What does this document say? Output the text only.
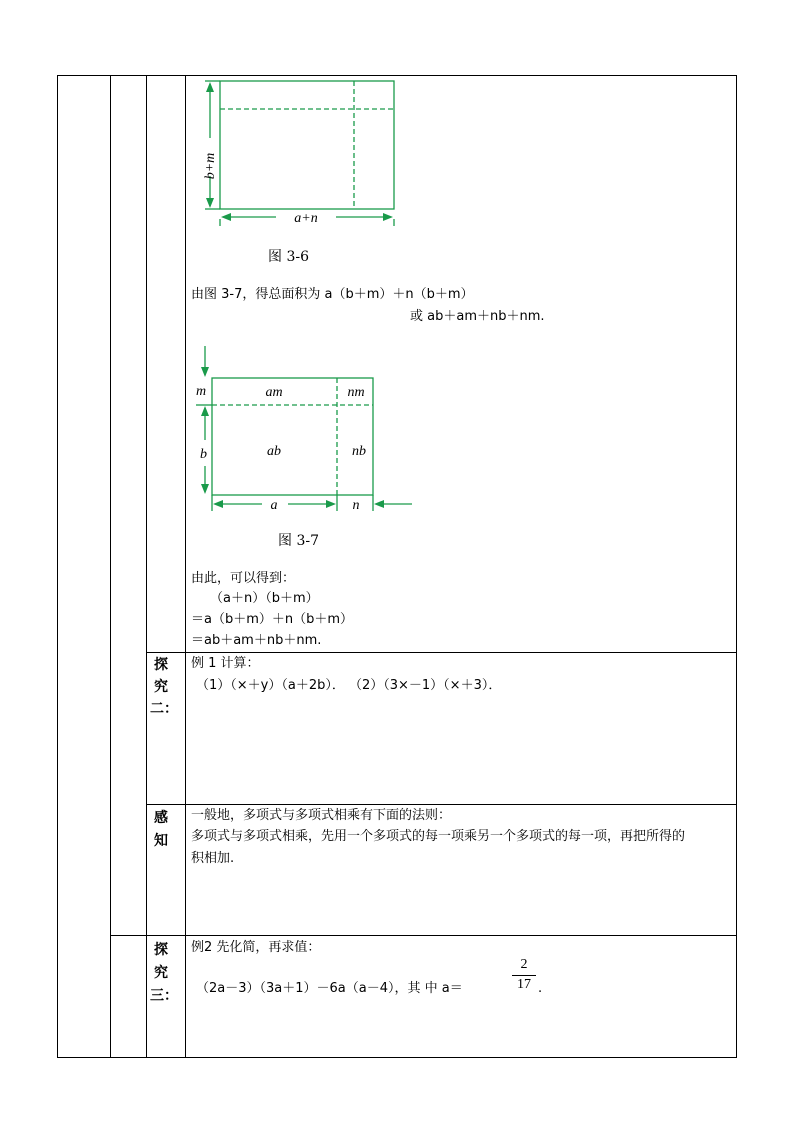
b+m
a+n
图 3-6
由图 3-7，得总面积为 a（b＋m）＋n（b＋m）
或 ab＋am＋nb＋nm.
am	nm
ab	nb
m
b
a	n
图 3-7
由此，可以得到：
（a＋n）（b＋m）
＝a（b＋m）＋n（b＋m）
＝ab＋am＋nb＋nm.
探
究
二：
例 1 计算：
（1）（×＋y）（a＋2b）． （2）（3×－1）（×＋3）．
感
知
一般地，多项式与多项式相乘有下面的法则：
多项式与多项式相乘，先用一个多项式的每一项乘另一个多项式的每一项，再把所得的
积相加.
探
究
三：
例2 先化简，再求值：
（2a－3）（3a＋1）－6a（a－4），其 中 a＝	$\frac{2}{17}$ .
